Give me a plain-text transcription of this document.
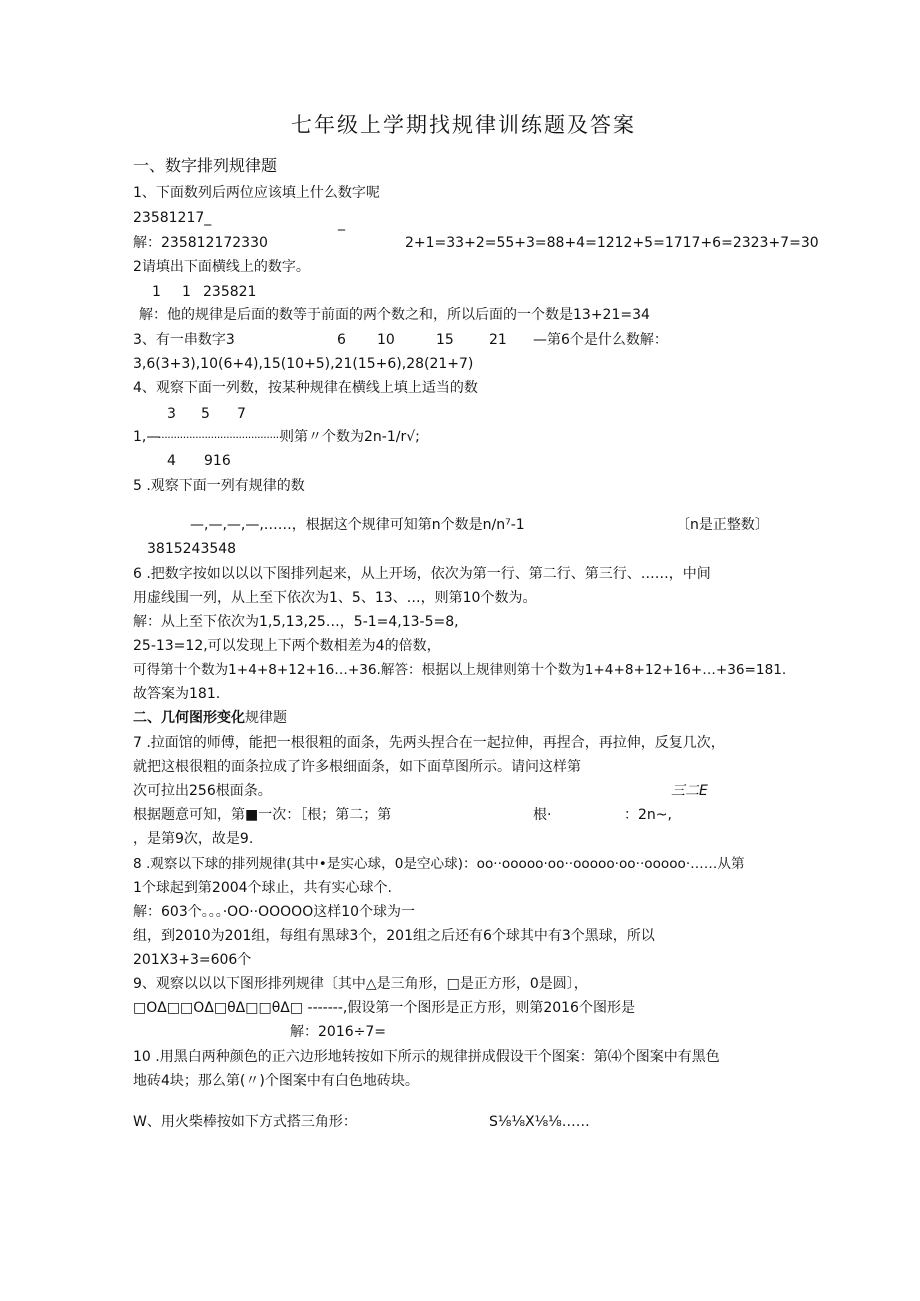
七年级上学期找规律训练题及答案
一、数字排列规律题
1、下面数列后两位应该填上什么数字呢
23581217_	_
解：235812172330	2+1=33+2=55+3=88+4=1212+5=1717+6=2323+7=30
2请填出下面横线上的数字。
1 1 235821
解：他的规律是后面的数等于前面的两个数之和，所以后面的一个数是13+21=34
3、有一串数字3	6 10	15	21 —第6个是什么数解：
3,6(3+3),10(6+4),15(10+5),21(15+6),28(21+7)
4、观察下面一列数，按某种规律在横线上填上适当的数
3 5 7
1,—
........................................
则第〃个数为2n-1∕r√;
4 916
5 .观察下面一列有规律的数
—,—,—,—,……，根据这个规律可知第n个数是n∕n⁷-1	〔n是正整数〕
3815243548
6 .把数字按如以以以下图排列起来，从上开场，依次为第一行、第二行、第三行、……，中间
用虚线围一列，从上至下依次为1、5、13、…，则第10个数为。
解：从上至下依次为1,5,13,25…，5-1=4,13-5=8,
25-13=12,可以发现上下两个数相差为4的倍数，
可得第十个数为1+4+8+12+16…+36.解答：根据以上规律则第十个数为1+4+8+12+16+…+36=181.
故答案为181.
二、几何图形变化规律题
7 .拉面馆的师傅，能把一根很粗的面条，先两头捏合在一起拉伸，再捏合，再拉伸，反复几次，
就把这根很粗的面条拉成了许多根细面条，如下面草图所示。请问这样第
次可拉出256根面条。	三二E
根据题意可知，第■一次：［根；第二；第	根·	：2n~,
，是第9次，故是9.
8 .观察以下球的排列规律(其中•是实心球，0是空心球)：oo··ooooo·oo··ooooo·oo··ooooo·……从第
1个球起到第2004个球止，共有实心球个.
解：603个。。。·OO··OOOOO这样10个球为一
组，到2010为201组，每组有黑球3个，201组之后还有6个球其中有3个黑球，所以
201X3+3=606个
9、观察以以以下图形排列规律〔其中△是三角形，□是正方形，0是圆〕，
□OΔ□□OΔ□θΔ□□θΔ□ -------,假设第一个图形是正方形，则第2016个图形是
解：2016÷7=
10 .用黑白两种颜色的正六边形地转按如下所示的规律拼成假设干个图案：第⑷个图案中有黑色
地砖4块；那么第(〃)个图案中有白色地砖块。
W、用火柴棒按如下方式搭三角形：	S⅛⅛X⅛⅛……
